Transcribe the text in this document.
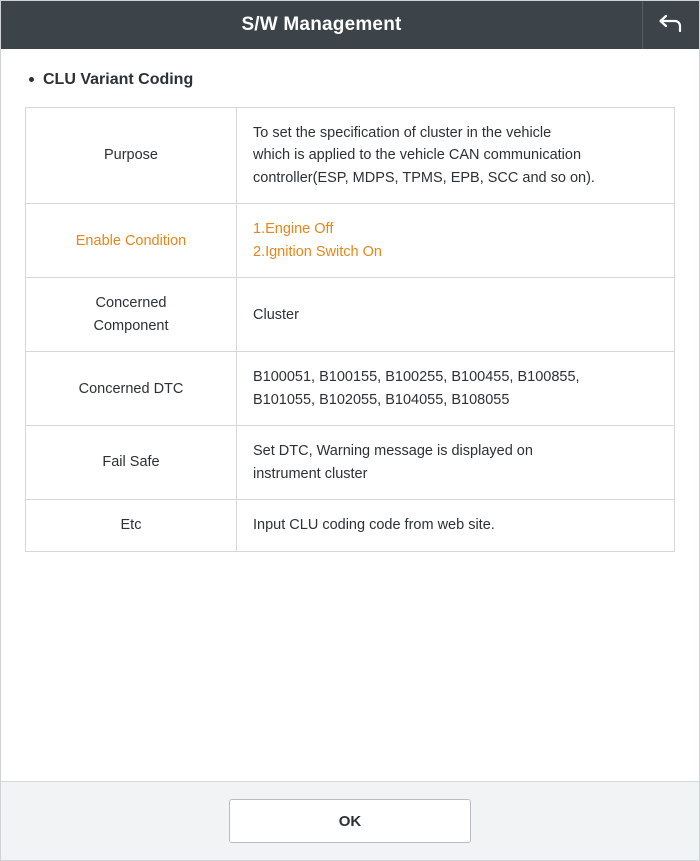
S/W Management
CLU Variant Coding
Purpose	To set the specification of cluster in the vehicle
which is applied to the vehicle CAN communication
controller(ESP, MDPS, TPMS, EPB, SCC and so on).

Enable Condition	1.Engine Off
2.Ignition Switch On

Concerned
Component	Cluster

Concerned DTC	B100051, B100155, B100255, B100455, B100855,
B101055, B102055, B104055, B108055

Fail Safe	Set DTC, Warning message is displayed on
instrument cluster

Etc	Input CLU coding code from web site.
OK
